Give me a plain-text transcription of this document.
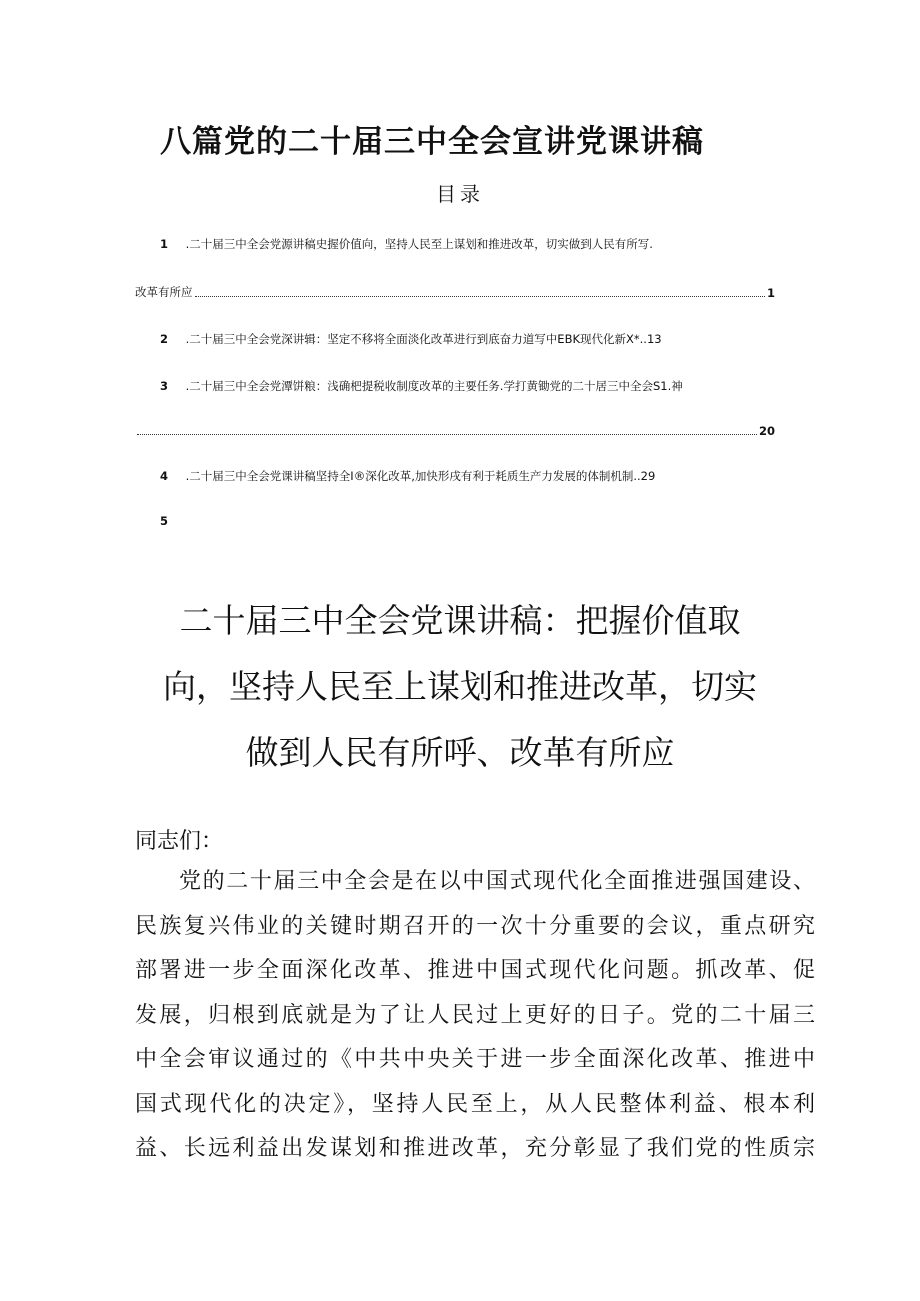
八篇党的二十届三中全会宣讲党课讲稿
目录
1 .二十届三中全会党源讲稿史握价值向，坚持人民至上谋划和推进改革，切实做到人民有所写.
改革有所应	1
2 .二十届三中全会党深讲辑：坚定不移将全面淡化改革进行到底奋力道写中EBK现代化新X*..13
3 .二十届三中全会党潭饼粮：浅确杷提税收制度改革的主要任务.学打黄锄党的二十居三中全会S1.神
20
4 .二十届三中全会党课讲稿坚持全I®深化改革,加快形戌有利于耗质生产力发展的体制机制..29
5
二十届三中全会党课讲稿：把握价值取
向，坚持人民至上谋划和推进改革，切实
做到人民有所呼、改革有所应
同志们：
党的二十届三中全会是在以中国式现代化全面推进强国建设、
民族复兴伟业的关键时期召开的一次十分重要的会议，重点研究
部署进一步全面深化改革、推进中国式现代化问题。抓改革、促
发展，归根到底就是为了让人民过上更好的日子。党的二十届三
中全会审议通过的《中共中央关于进一步全面深化改革、推进中
国式现代化的决定》，坚持人民至上，从人民整体利益、根本利
益、长远利益出发谋划和推进改革，充分彰显了我们党的性质宗
